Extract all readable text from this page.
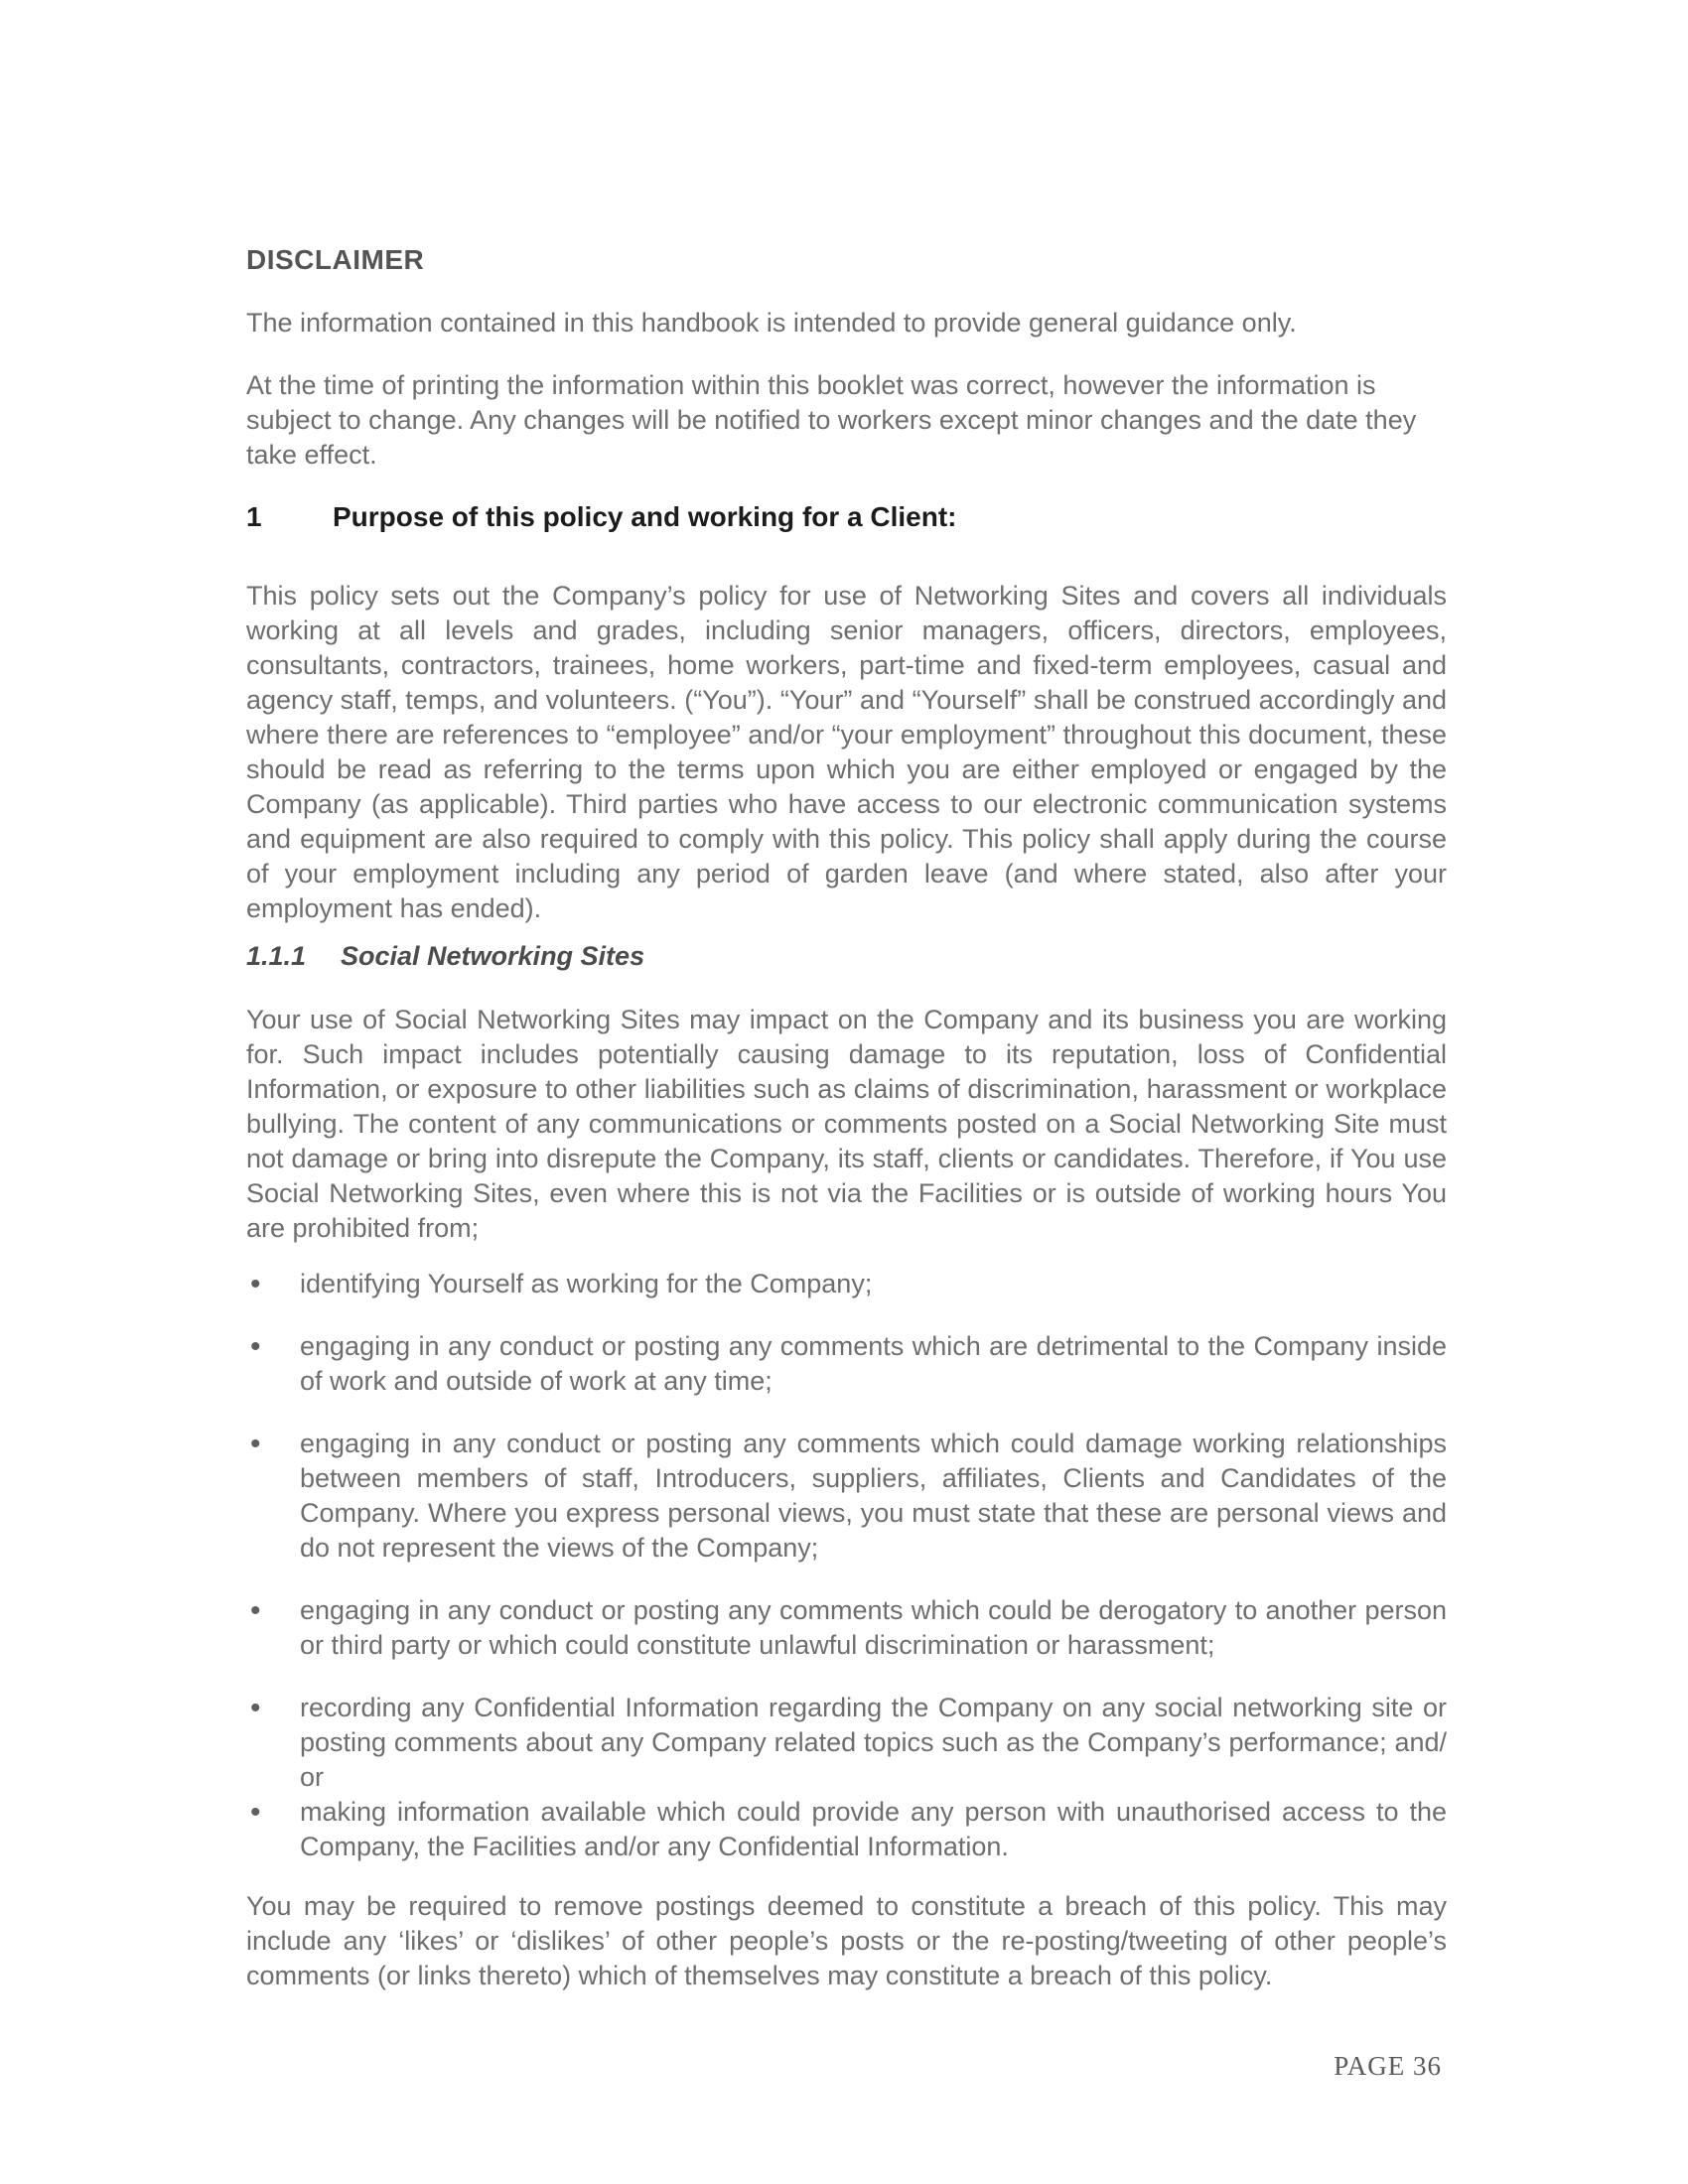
DISCLAIMER

The information contained in this handbook is intended to provide general guidance only.

At the time of printing the information within this booklet was correct, however the information is subject to change. Any changes will be notified to workers except minor changes and the date they take effect.

1	Purpose of this policy and working for a Client:

This policy sets out the Company’s policy for use of Networking Sites and covers all individuals working at all levels and grades, including senior managers, officers, directors, employees, consultants, contractors, trainees, home workers, part-time and fixed-term employees, casual and agency staff, temps, and volunteers. (“You”). “Your” and “Yourself” shall be construed accordingly and where there are references to “employee” and/or “your employment” throughout this document, these should be read as referring to the terms upon which you are either employed or engaged by the Company (as applicable). Third parties who have access to our electronic communication systems and equipment are also required to comply with this policy. This policy shall apply during the course of your employment including any period of garden leave (and where stated, also after your employment has ended).

1.1.1	Social Networking Sites

Your use of Social Networking Sites may impact on the Company and its business you are working for. Such impact includes potentially causing damage to its reputation, loss of Confidential Information, or exposure to other liabilities such as claims of discrimination, harassment or workplace bullying. The content of any communications or comments posted on a Social Networking Site must not damage or bring into disrepute the Company, its staff, clients or candidates. Therefore, if You use Social Networking Sites, even where this is not via the Facilities or is outside of working hours You are prohibited from;

• identifying Yourself as working for the Company;
• engaging in any conduct or posting any comments which are detrimental to the Company inside of work and outside of work at any time;
• engaging in any conduct or posting any comments which could damage working relationships between members of staff, Introducers, suppliers, affiliates, Clients and Candidates of the Company. Where you express personal views, you must state that these are personal views and do not represent the views of the Company;
• engaging in any conduct or posting any comments which could be derogatory to another person or third party or which could constitute unlawful discrimination or harassment;
• recording any Confidential Information regarding the Company on any social networking site or posting comments about any Company related topics such as the Company’s performance; and/ or
• making information available which could provide any person with unauthorised access to the Company, the Facilities and/or any Confidential Information.

You may be required to remove postings deemed to constitute a breach of this policy. This may include any ‘likes’ or ‘dislikes’ of other people’s posts or the re-posting/tweeting of other people’s comments (or links thereto) which of themselves may constitute a breach of this policy.

PAGE 36
